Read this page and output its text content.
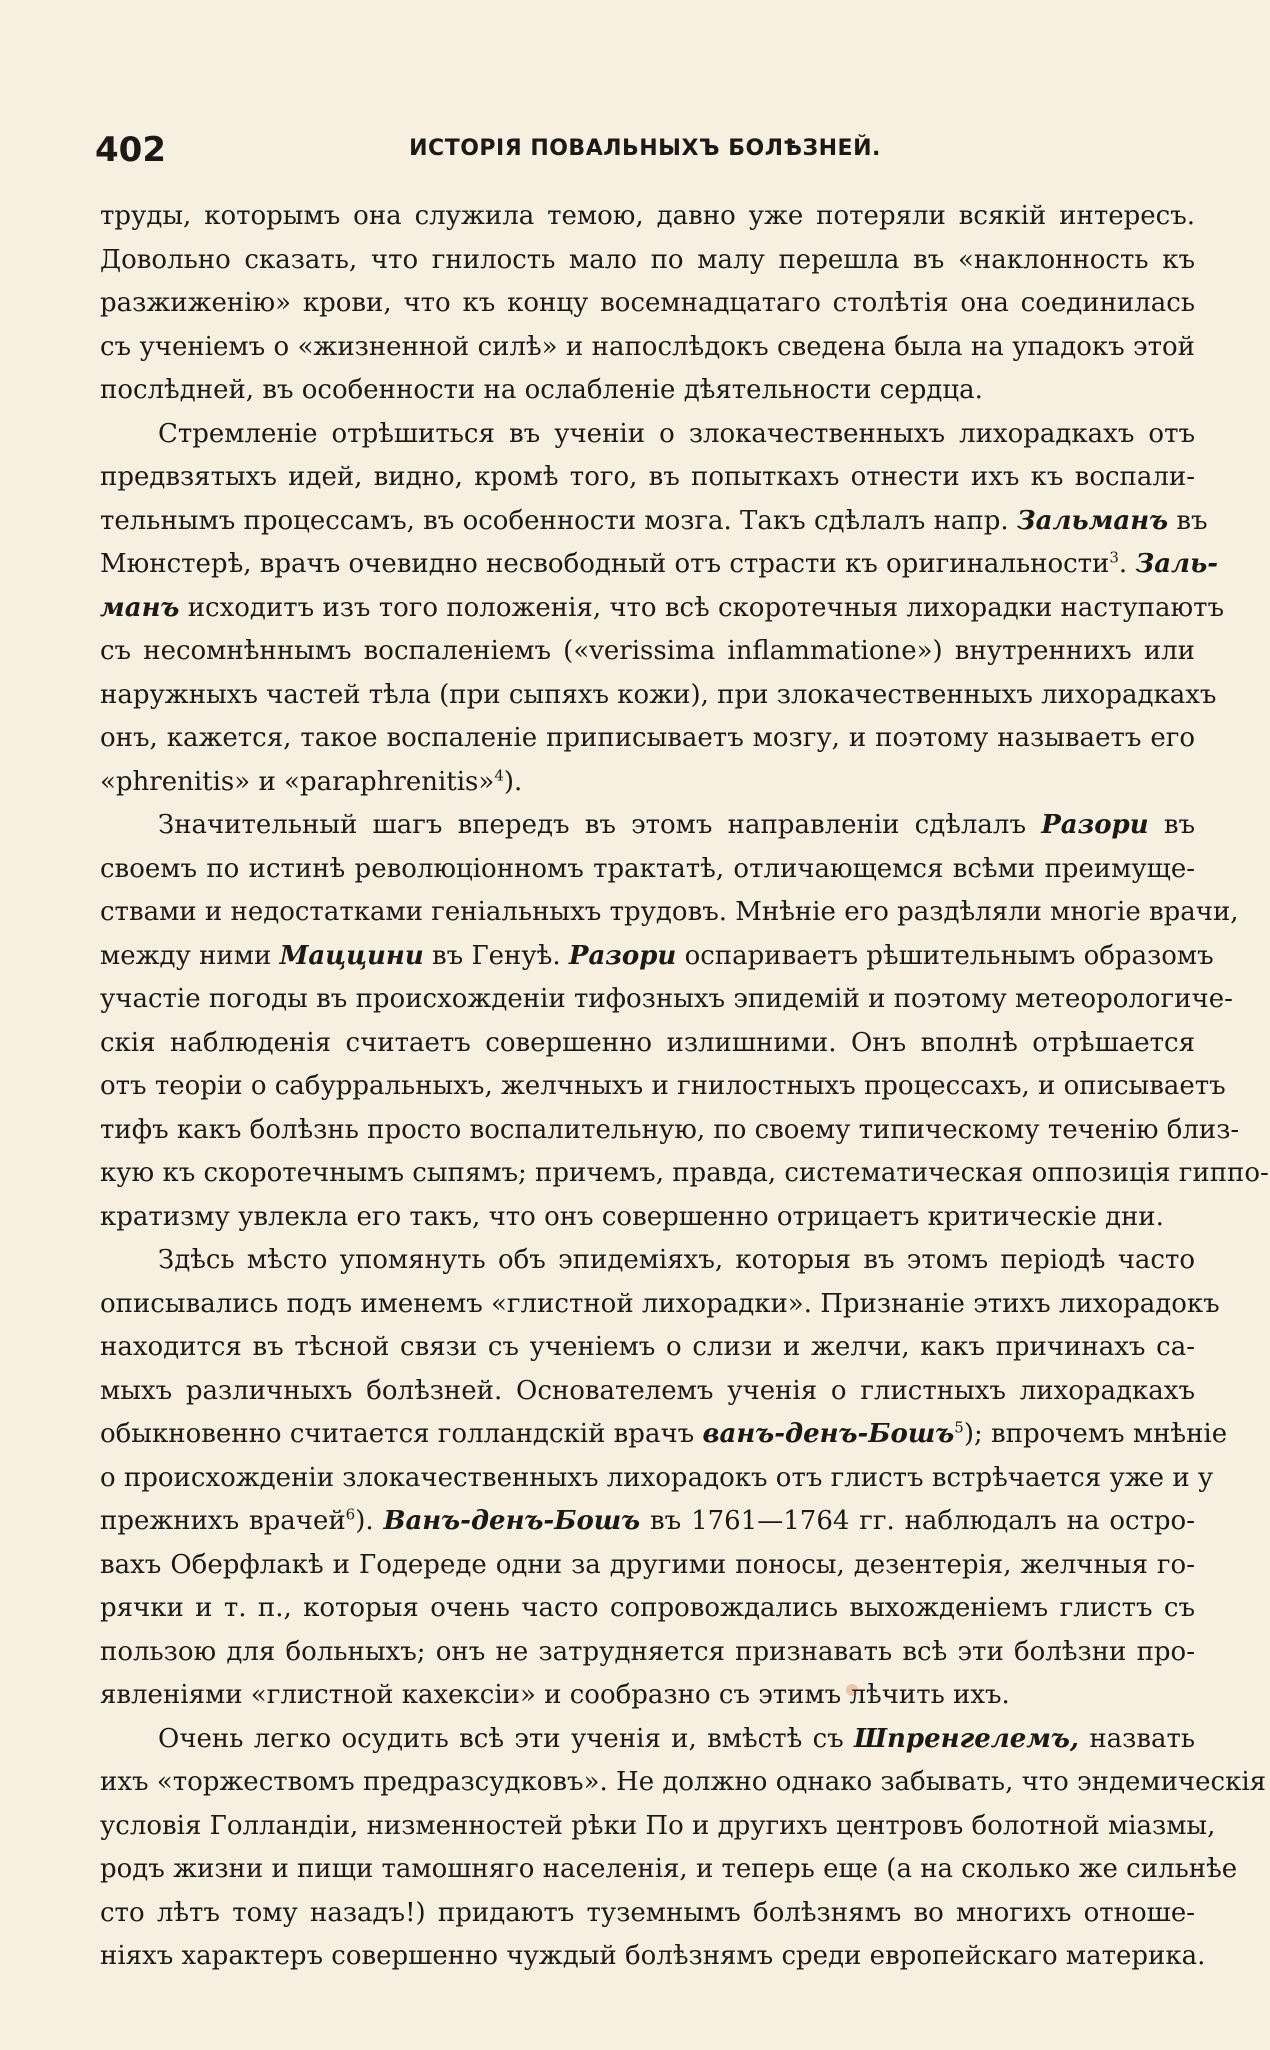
402	ИСТОРІЯ ПОВАЛЬНЫХЪ БОЛѢЗНЕЙ.
труды, которымъ она служила темою, давно уже потеряли всякій интересъ.
Довольно сказать, что гнилость мало по малу перешла въ «наклонность къ
разжиженію» крови, что къ концу восемнадцатаго столѣтія она соединилась
съ ученіемъ о «жизненной силѣ» и напослѣдокъ сведена была на упадокъ этой
послѣдней, въ особенности на ослабленіе дѣятельности сердца.
Стремленіе отрѣшиться въ ученіи о злокачественныхъ лихорадкахъ отъ
предвзятыхъ идей, видно, кромѣ того, въ попыткахъ отнести ихъ къ воспали-
тельнымъ процессамъ, въ особенности мозга. Такъ сдѣлалъ напр. Зальманъ въ
Мюнстерѣ, врачъ очевидно несвободный отъ страсти къ оригинальности$^3$. Заль-
манъ исходитъ изъ того положенія, что всѣ скоротечныя лихорадки наступаютъ
съ несомнѣннымъ воспаленіемъ («verissima inflammatione») внутреннихъ или
наружныхъ частей тѣла (при сыпяхъ кожи), при злокачественныхъ лихорадкахъ
онъ, кажется, такое воспаленіе приписываетъ мозгу, и поэтому называетъ его
«phrenitis» и «paraphrenitis»$^4$).
Значительный шагъ впередъ въ этомъ направленіи сдѣлалъ Разори въ
своемъ по истинѣ революціонномъ трактатѣ, отличающемся всѣми преимуще-
ствами и недостатками геніальныхъ трудовъ. Мнѣніе его раздѣляли многіе врачи,
между ними Маццини въ Генуѣ. Разори оспариваетъ рѣшительнымъ образомъ
участіе погоды въ происхожденіи тифозныхъ эпидемій и поэтому метеорологиче-
скія наблюденія считаетъ совершенно излишними. Онъ вполнѣ отрѣшается
отъ теоріи о сабурральныхъ, желчныхъ и гнилостныхъ процессахъ, и описываетъ
тифъ какъ болѣзнь просто воспалительную, по своему типическому теченію близ-
кую къ скоротечнымъ сыпямъ; причемъ, правда, систематическая оппозиція гиппо-
кратизму увлекла его такъ, что онъ совершенно отрицаетъ критическіе дни.
Здѣсь мѣсто упомянуть объ эпидеміяхъ, которыя въ этомъ періодѣ часто
описывались подъ именемъ «глистной лихорадки». Признаніе этихъ лихорадокъ
находится въ тѣсной связи съ ученіемъ о слизи и желчи, какъ причинахъ са-
мыхъ различныхъ болѣзней. Основателемъ ученія о глистныхъ лихорадкахъ
обыкновенно считается голландскій врачъ ванъ-денъ-Бошъ$^5$); впрочемъ мнѣніе
о происхожденіи злокачественныхъ лихорадокъ отъ глистъ встрѣчается уже и у
прежнихъ врачей$^6$). Ванъ-денъ-Бошъ въ 1761—1764 гг. наблюдалъ на остро-
вахъ Оберфлакѣ и Годереде одни за другими поносы, дезентерія, желчныя го-
рячки и т. п., которыя очень часто сопровождались выхожденіемъ глистъ съ
пользою для больныхъ; онъ не затрудняется признавать всѣ эти болѣзни про-
явленіями «глистной кахексіи» и сообразно съ этимъ лѣчить ихъ.
Очень легко осудить всѣ эти ученія и, вмѣстѣ съ Шпренгелемъ, назвать
ихъ «торжествомъ предразсудковъ». Не должно однако забывать, что эндемическія
условія Голландіи, низменностей рѣки По и другихъ центровъ болотной міазмы,
родъ жизни и пищи тамошняго населенія, и теперь еще (а на сколько же сильнѣе
сто лѣтъ тому назадъ!) придаютъ туземнымъ болѣзнямъ во многихъ отноше-
ніяхъ характеръ совершенно чуждый болѣзнямъ среди европейскаго материка.
